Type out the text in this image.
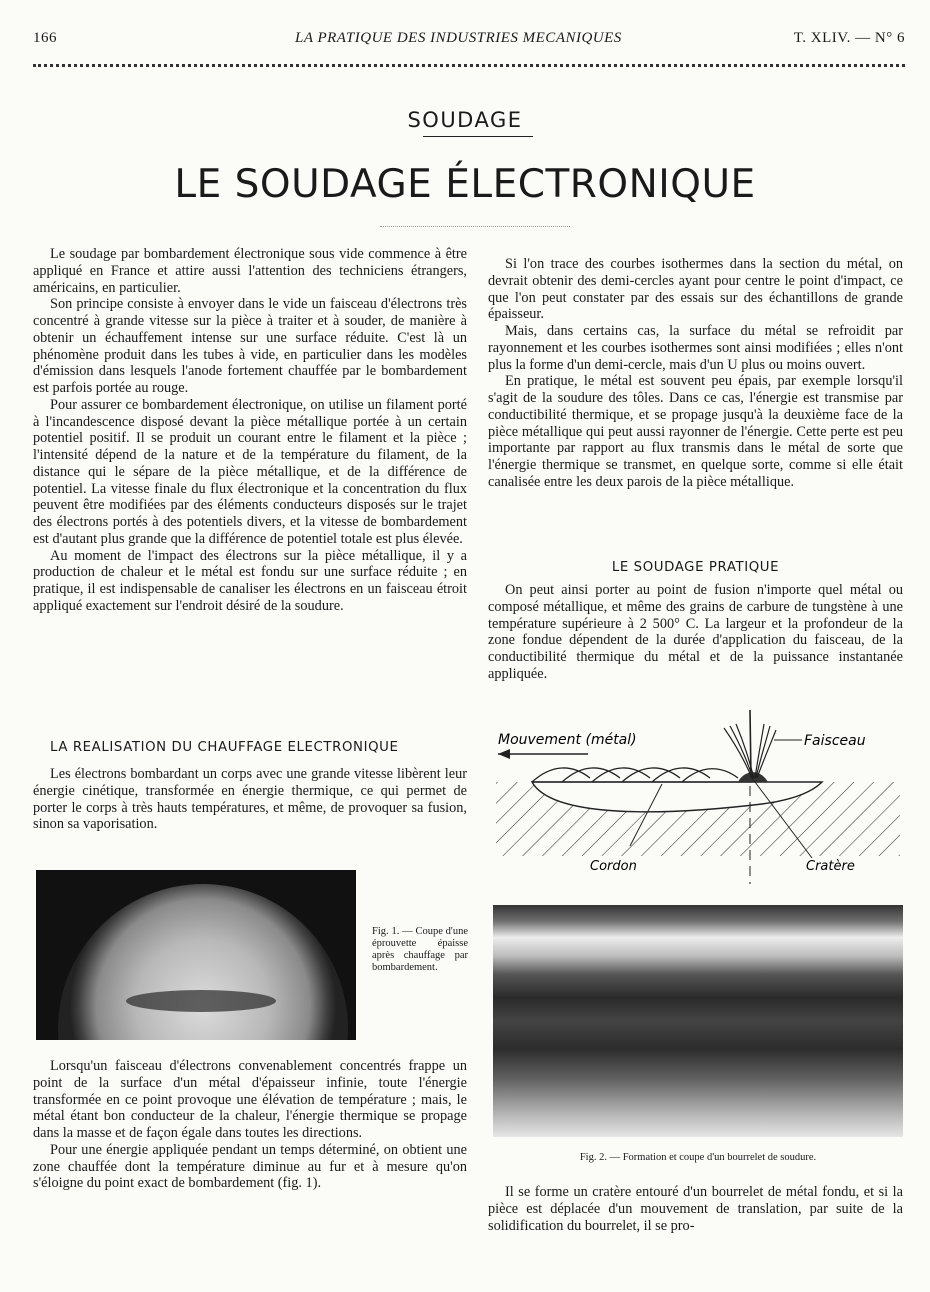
166	LA PRATIQUE DES INDUSTRIES MECANIQUES	T. XLIV. — N° 6
SOUDAGE
LE SOUDAGE ÉLECTRONIQUE

Le soudage par bombardement électronique sous vide commence à être appliqué en France et attire aussi l'attention des techniciens étrangers, américains, en particulier.

Son principe consiste à envoyer dans le vide un faisceau d'électrons très concentré à grande vitesse sur la pièce à traiter et à souder, de manière à obtenir un échauffement intense sur une surface réduite. C'est là un phénomène produit dans les tubes à vide, en particulier dans les modèles d'émission dans lesquels l'anode fortement chauffée par le bombardement est parfois portée au rouge.

Pour assurer ce bombardement électronique, on utilise un filament porté à l'incandescence disposé devant la pièce métallique portée à un certain potentiel positif. Il se produit un courant entre le filament et la pièce ; l'intensité dépend de la nature et de la température du filament, de la distance qui le sépare de la pièce métallique, et de la différence de potentiel. La vitesse finale du flux électronique et la concentration du flux peuvent être modifiées par des éléments conducteurs disposés sur le trajet des électrons portés à des potentiels divers, et la vitesse de bombardement est d'autant plus grande que la différence de potentiel totale est plus élevée.

Au moment de l'impact des électrons sur la pièce métallique, il y a production de chaleur et le métal est fondu sur une surface réduite ; en pratique, il est indispensable de canaliser les électrons en un faisceau étroit appliqué exactement sur l'endroit désiré de la soudure.

LA REALISATION DU CHAUFFAGE ELECTRONIQUE

Les électrons bombardant un corps avec une grande vitesse libèrent leur énergie cinétique, transformée en énergie thermique, ce qui permet de porter le corps à très hauts températures, et même, de provoquer sa fusion, sinon sa vaporisation.

Fig. 1. — Coupe d'une éprouvette épaisse après chauffage par bombardement.

Lorsqu'un faisceau d'électrons convenablement concentrés frappe un point de la surface d'un métal d'épaisseur infinie, toute l'énergie transformée en ce point provoque une élévation de température ; mais, le métal étant bon conducteur de la chaleur, l'énergie thermique se propage dans la masse et de façon égale dans toutes les directions.

Pour une énergie appliquée pendant un temps déterminé, on obtient une zone chauffée dont la température diminue au fur et à mesure qu'on s'éloigne du point exact de bombardement (fig. 1).

Si l'on trace des courbes isothermes dans la section du métal, on devrait obtenir des demi-cercles ayant pour centre le point d'impact, ce que l'on peut constater par des essais sur des échantillons de grande épaisseur.

Mais, dans certains cas, la surface du métal se refroidit par rayonnement et les courbes isothermes sont ainsi modifiées ; elles n'ont plus la forme d'un demi-cercle, mais d'un U plus ou moins ouvert.

En pratique, le métal est souvent peu épais, par exemple lorsqu'il s'agit de la soudure des tôles. Dans ce cas, l'énergie est transmise par conductibilité thermique, et se propage jusqu'à la deuxième face de la pièce métallique qui peut aussi rayonner de l'énergie. Cette perte est peu importante par rapport au flux transmis dans le métal de sorte que l'énergie thermique se transmet, en quelque sorte, comme si elle était canalisée entre les deux parois de la pièce métallique.

LE SOUDAGE PRATIQUE

On peut ainsi porter au point de fusion n'importe quel métal ou composé métallique, et même des grains de carbure de tungstène à une température supérieure à 2 500° C. La largeur et la profondeur de la zone fondue dépendent de la durée d'application du faisceau, de la conductibilité thermique du métal et de la puissance instantanée appliquée.

Mouvement (métal)	Faisceau
Cordon	Cratère
Fig. 2. — Formation et coupe d'un bourrelet de soudure.

Il se forme un cratère entouré d'un bourrelet de métal fondu, et si la pièce est déplacée d'un mouvement de translation, par suite de la solidification du bourrelet, il se pro-
